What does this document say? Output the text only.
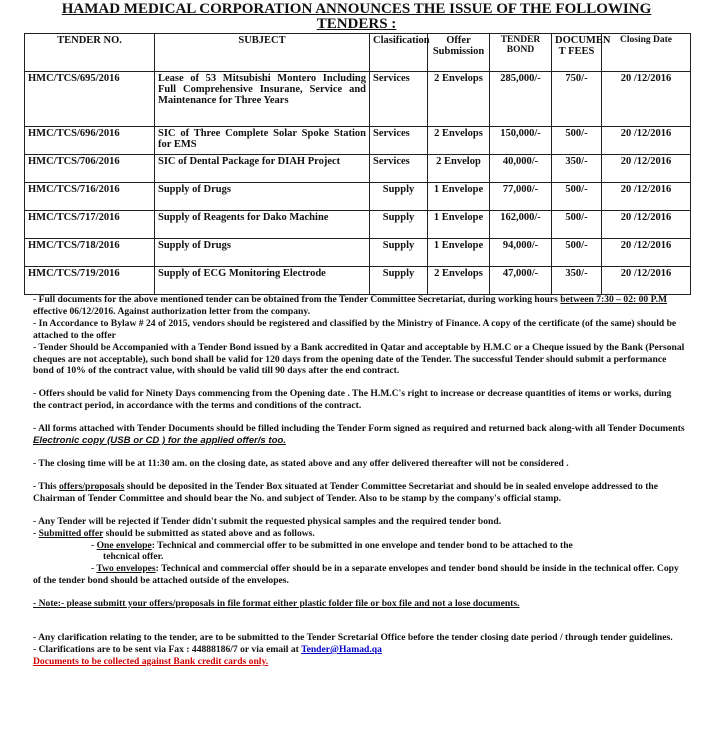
HAMAD MEDICAL CORPORATION ANNOUNCES THE ISSUE OF THE FOLLOWING
TENDERS :
TENDER NO.	SUBJECT	Clasification	Offer Submission	TENDER BOND	DOCUMEN T FEES	Closing Date
HMC/TCS/695/2016	Lease of 53 Mitsubishi Montero Including Full Comprehensive Insurane, Service and Maintenance for Three Years	Services	2 Envelops	285,000/-	750/-	20 /12/2016
HMC/TCS/696/2016	SIC of Three Complete Solar Spoke Station for EMS	Services	2 Envelops	150,000/-	500/-	20 /12/2016
HMC/TCS/706/2016	SIC of Dental Package for DIAH Project	Services	2 Envelop	40,000/-	350/-	20 /12/2016
HMC/TCS/716/2016	Supply of Drugs	Supply	1 Envelope	77,000/-	500/-	20 /12/2016
HMC/TCS/717/2016	Supply of Reagents for Dako Machine	Supply	1 Envelope	162,000/-	500/-	20 /12/2016
HMC/TCS/718/2016	Supply of Drugs	Supply	1 Envelope	94,000/-	500/-	20 /12/2016
HMC/TCS/719/2016	Supply of ECG Monitoring Electrode	Supply	2 Envelops	47,000/-	350/-	20 /12/2016

- Full documents for the above mentioned tender can be obtained from the Tender Committee Secretariat, during working hours between 7:30 – 02: 00 P.M effective 06/12/2016. Against authorization letter from the company.

- In Accordance to Bylaw # 24 of 2015, vendors should be registered and classified by the Ministry of Finance. A copy of the certificate (of the same) should be attached to the offer

- Tender Should be Accompanied with a Tender Bond issued by a Bank accredited in Qatar and acceptable by H.M.C or a Cheque issued by the Bank (Personal cheques are not acceptable), such bond shall be valid for 120 days from the opening date of the Tender. The successful Tender should submit a performance bond of 10% of the contract value, with should be valid till 90 days after the end contract.

- Offers should be valid for Ninety Days commencing from the Opening date . The H.M.C's right to increase or decrease quantities of items or works, during the contract period, in accordance with the terms and conditions of the contract.

- All forms attached with Tender Documents should be filled including the Tender Form signed as required and returned back along-with all Tender Documents Electronic copy (USB or CD ) for the applied offer/s too.

- The closing time will be at 11:30 am. on the closing date, as stated above and any offer delivered thereafter will not be considered .

- This offers/proposals should be deposited in the Tender Box situated at Tender Committee Secretariat and should be in sealed envelope addressed to the Chairman of Tender Committee and should bear the No. and subject of Tender. Also to be stamp by the company's official stamp.

- Any Tender will be rejected if Tender didn't submit the requested physical samples and the required tender bond.

- Submitted offer should be submitted as stated above and as follows.

- One envelope: Technical and commercial offer to be submitted in one envelope and tender bond to be attached to the

tehcnical offer.

- Two envelopes: Technical and commercial offer should be in a separate envelopes and tender bond should be inside in the technical offer. Copy of the tender bond should be attached outside of the envelopes.

- Note:- please submitt your offers/proposals in file format either plastic folder file or box file and not a lose documents.

- Any clarification relating to the tender, are to be submitted to the Tender Scretarial Office before the tender closing date period / through tender guidelines.

- Clarifications are to be sent via Fax : 44888186/7 or via email at Tender@Hamad.qa

Documents to be collected against Bank credit cards only.
